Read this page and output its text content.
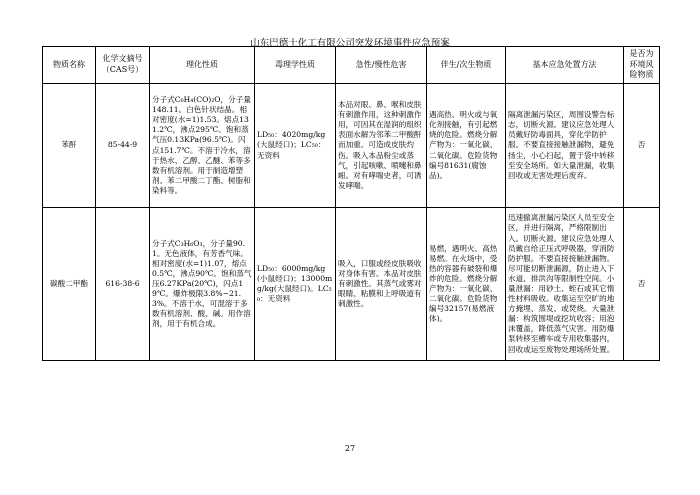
山东巴德士化工有限公司突发环境事件应急预案
物质名称	化学文摘号（CAS号）	理化性质	毒理学性质	急性/慢性危害	伴生/次生物质	基本应急处置方法	是否为环境风险物质
苯酐	85-44-9	分子式C₆H₄(CO)₂O，分子量148.11。白色针状结晶。相对密度(水=1)1.53。熔点131.2℃，沸点295℃。饱和蒸气压0.13KPa(96.5℃)。闪点151.7℃。不溶于冷水，溶于热水、乙醇、乙醚、苯等多数有机溶剂。用于制造增塑剂、苯二甲酸二丁酯、树脂和染料等。	LD₅₀：4020mg/kg(大鼠经口)；LC₅₀：无资料	本品对眼、鼻、喉和皮肤有刺激作用，这种刺激作用，可因其在湿润的组织表面水解为邻苯二甲酸酐而加重。可造成皮肤灼伤。吸入本品粉尘或蒸气，引起咳嗽、喷嚏和鼻衄。对有哮喘史者，可诱发哮喘。	遇高热、明火或与氧化剂接触，有引起燃烧的危险。燃烧分解产物为：一氧化碳、二氧化碳。危险货物编号81631(腐蚀品)。	隔离泄漏污染区，周围设警告标志，切断火源。建议应急处理人员戴好防毒面具，穿化学防护服。不要直接接触泄漏物，避免扬尘，小心扫起，置于袋中转移至安全场所。如大量泄漏，收集回收或无害处理后废弃。	否
碳酸二甲酯	616-38-6	分子式C₃H₆O₃，分子量90.1。无色液体，有芳香气味。相对密度(水=1)1.07，熔点0.5℃，沸点90℃。饱和蒸气压6.27KPa(20℃)，闪点19℃。爆炸极限3.8%~21.3%。不溶于水，可混溶于多数有机溶剂、酸、碱。用作溶剂，用于有机合成。	LD₅₀：6000mg/kg(小鼠经口)；13000mg/kg(大鼠经口)。LC₅₀：无资料	吸入，口服或经皮肤吸收对身体有害。本品对皮肤有刺激性。其蒸气或雾对眼睛、粘膜和上呼吸道有刺激性。	易燃，遇明火、高热易燃。在火场中，受热的容器有破裂和爆炸的危险。燃烧分解产物为：一氧化碳、二氧化碳。危险货物编号32157(易燃液体)。	迅速撤离泄漏污染区人员至安全区，并进行隔离，严格限制出入。切断火源。建议应急处理人员戴自给正压式呼吸器，穿消防防护服。不要直接接触泄漏物。尽可能切断泄漏源，防止进入下水道、排洪沟等限制性空间。小量泄漏：用砂土、蛭石或其它惰性材料吸收。收集运至空旷的地方掩埋、蒸发、或焚烧。大量泄漏：构筑围堤或挖坑收容；用泡沫覆盖，降低蒸气灾害。用防爆泵转移至槽车或专用收集器内，回收或运至废物处理场所处置。	否
27
